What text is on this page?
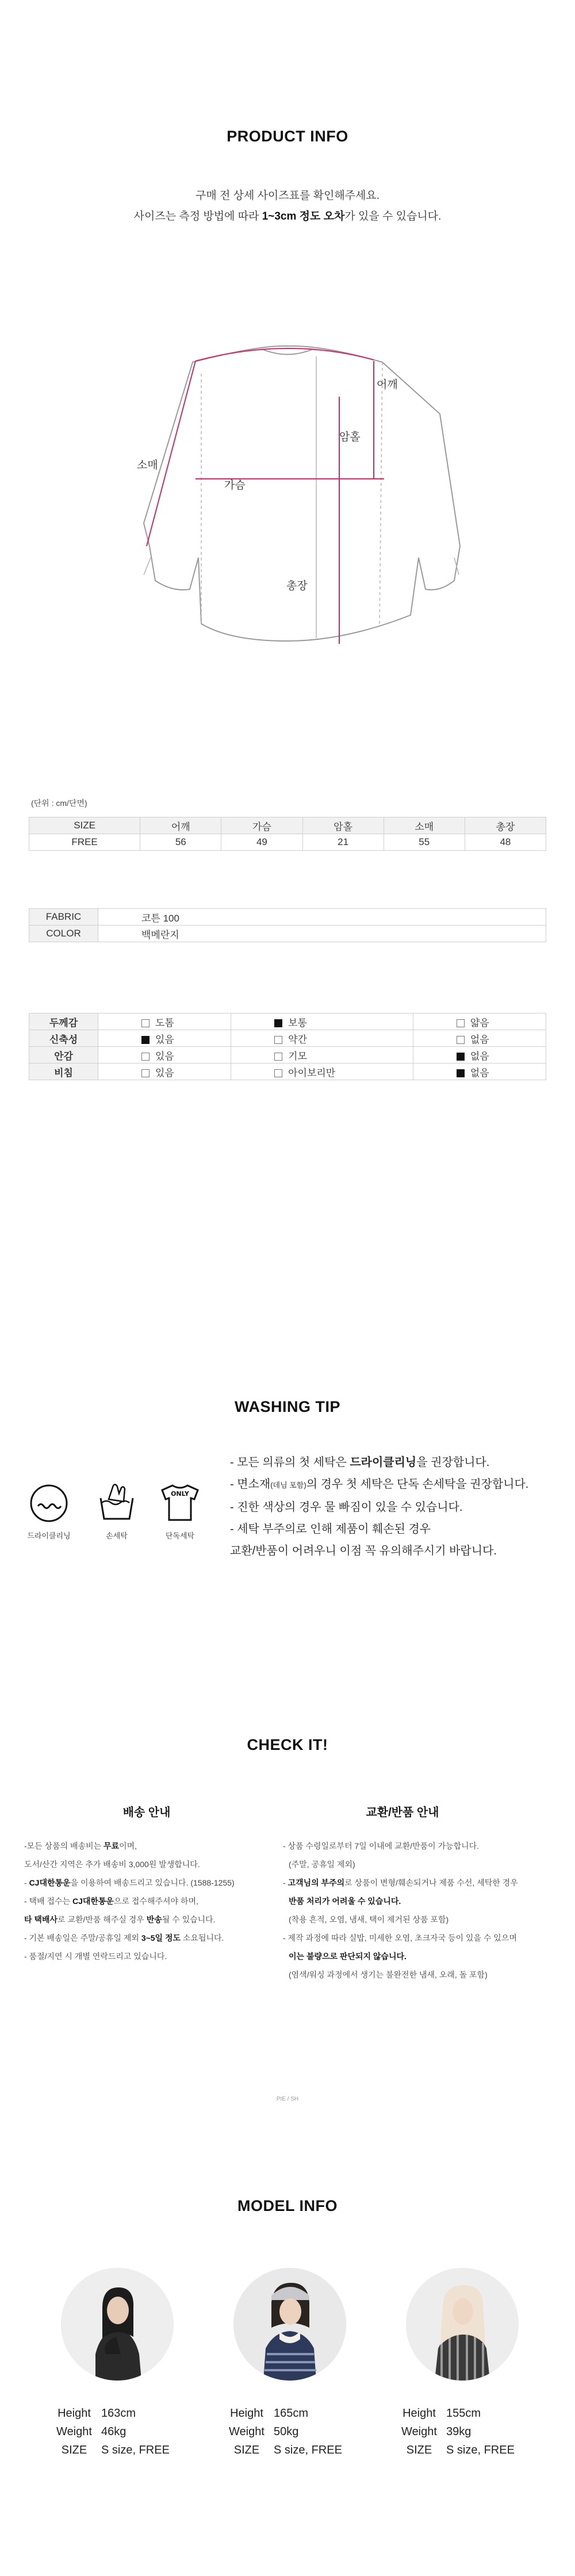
PRODUCT INFO
구매 전 상세 사이즈표를 확인해주세요.
사이즈는 측정 방법에 따라 1~3cm 정도 오차가 있을 수 있습니다.
어깨
암홀
소매
가슴
총장
(단위 : cm/단면)
SIZE	어깨	가슴	암홀	소매	총장
FREE	56	49	21	55	48
FABRIC	코튼 100
COLOR	백메란지
두께감	도톰	보통	얇음
신축성	있음	약간	없음
안감	있음	기모	없음
비침	있음	아이보리만	없음
WASHING TIP
드라이클리닝	손세탁
ONLY
단독세탁
- 모든 의류의 첫 세탁은 드라이클리닝을 권장합니다.
- 면소재(데님 포함)의 경우 첫 세탁은 단독 손세탁을 권장합니다.
- 진한 색상의 경우 물 빠짐이 있을 수 있습니다.
- 세탁 부주의로 인해 제품이 훼손된 경우
교환/반품이 어려우니 이점 꼭 유의해주시기 바랍니다.
CHECK IT!
배송 안내
-모든 상품의 배송비는 무료이며,
도서/산간 지역은 추가 배송비 3,000원 발생합니다.
- CJ대한통운을 이용하여 배송드리고 있습니다. (1588-1255)
- 택배 접수는 CJ대한통운으로 접수해주셔야 하며,
타 택배사로 교환/반품 해주실 경우 반송될 수 있습니다.
- 기본 배송일은 주말/공휴일 제외 3~5일 정도 소요됩니다.
- 품절/지연 시 개별 연락드리고 있습니다.
교환/반품 안내
- 상품 수령일로부터 7일 이내에 교환/반품이 가능합니다.
(주말, 공휴일 제외)
- 고객님의 부주의로 상품이 변형/훼손되거나 제품 수선, 세탁한 경우
반품 처리가 어려울 수 있습니다.
(착용 흔적, 오염, 냄새, 택이 제거된 상품 포함)
- 제작 과정에 따라 실밥, 미세한 오염, 초크자국 등이 있을 수 있으며
이는 불량으로 판단되지 않습니다.
(염색/워싱 과정에서 생기는 불완전한 냄새, 오래, 돌 포함)
PIE / SH
MODEL INFO
Height 163cm
Weight 46kg
SIZE S size, FREE
Height 165cm
Weight 50kg
SIZE S size, FREE
Height 155cm
Weight 39kg
SIZE S size, FREE
